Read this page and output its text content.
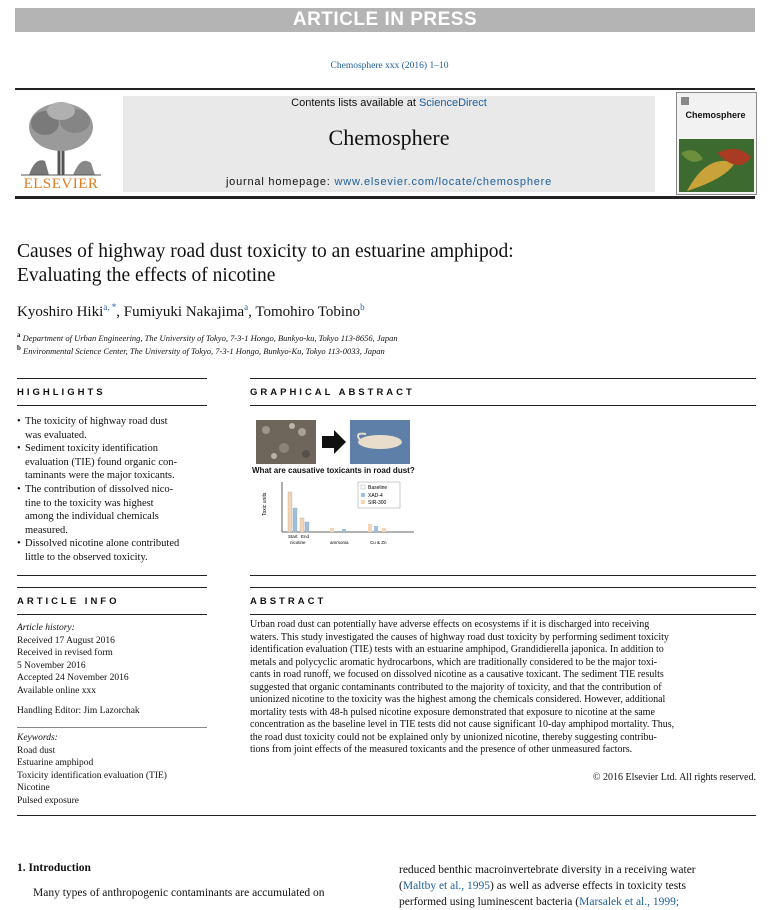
ARTICLE IN PRESS
Chemosphere xxx (2016) 1–10
ELSEVIER
Contents lists available at ScienceDirect
Chemosphere
journal homepage: www.elsevier.com/locate/chemosphere
Chemosphere
Causes of highway road dust toxicity to an estuarine amphipod:
Evaluating the effects of nicotine
Kyoshiro Hiki$^{a, *}$, Fumiyuki Nakajima$^a$, Tomohiro Tobino$^b$
$^a$ Department of Urban Engineering, The University of Tokyo, 7-3-1 Hongo, Bunkyo-ku, Tokyo 113-8656, Japan
$^b$ Environmental Science Center, The University of Tokyo, 7-3-1 Hongo, Bunkyo-Ku, Tokyo 113-0033, Japan
HIGHLIGHTS
• The toxicity of highway road dust
was evaluated.
• Sediment toxicity identification
evaluation (TIE) found organic con-
taminants were the major toxicants.
• The contribution of dissolved nico-
tine to the toxicity was highest
among the individual chemicals
measured.
• Dissolved nicotine alone contributed
little to the observed toxicity.
GRAPHICAL ABSTRACT
What are causative toxicants in road dust?
Toxic units
Baseline
XAD-4
SIR-300
Start End
nicotine	ammonia	Cu & Zn
ARTICLE INFO
Article history:
Received 17 August 2016
Received in revised form
5 November 2016
Accepted 24 November 2016
Available online xxx
Handling Editor: Jim Lazorchak
Keywords:
Road dust
Estuarine amphipod
Toxicity identification evaluation (TIE)
Nicotine
Pulsed exposure
ABSTRACT
Urban road dust can potentially have adverse effects on ecosystems if it is discharged into receiving
waters. This study investigated the causes of highway road dust toxicity by performing sediment toxicity
identification evaluation (TIE) tests with an estuarine amphipod, Grandidierella japonica. In addition to
metals and polycyclic aromatic hydrocarbons, which are traditionally considered to be the major toxi-
cants in road runoff, we focused on dissolved nicotine as a causative toxicant. The sediment TIE results
suggested that organic contaminants contributed to the majority of toxicity, and that the contribution of
unionized nicotine to the toxicity was the highest among the chemicals considered. However, additional
mortality tests with 48-h pulsed nicotine exposure demonstrated that exposure to nicotine at the same
concentration as the baseline level in TIE tests did not cause significant 10-day amphipod mortality. Thus,
the road dust toxicity could not be explained only by unionized nicotine, thereby suggesting contribu-
tions from joint effects of the measured toxicants and the presence of other unmeasured factors.
© 2016 Elsevier Ltd. All rights reserved.
1. Introduction
Many types of anthropogenic contaminants are accumulated on
reduced benthic macroinvertebrate diversity in a receiving water
(Maltby et al., 1995) as well as adverse effects in toxicity tests
performed using luminescent bacteria (Marsalek et al., 1999;
